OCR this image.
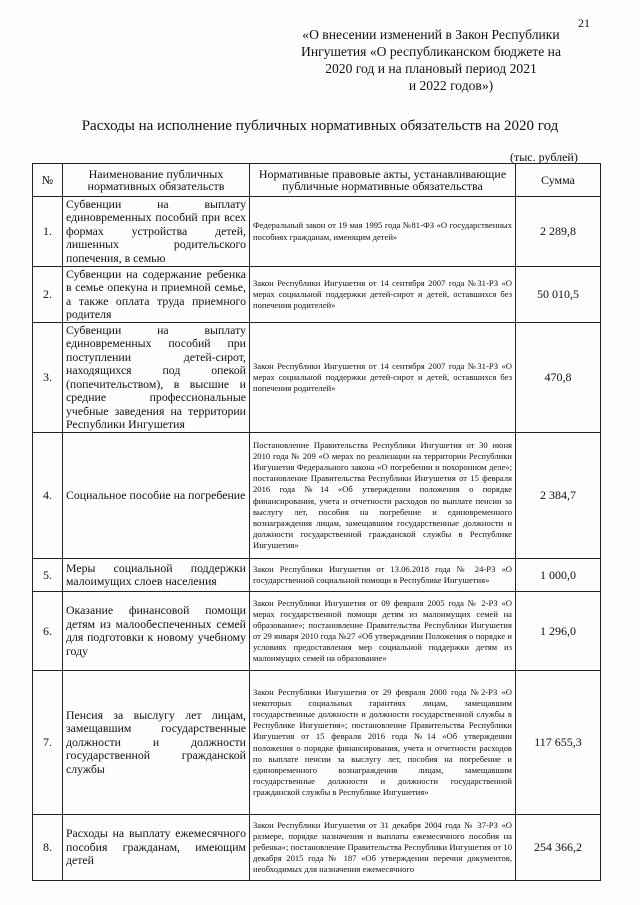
21
«О внесении изменений в Закон Республики
Ингушетия «О республиканском бюджете на
2020 год и на плановый период 2021
и 2022 годов»)
Расходы на исполнение публичных нормативных обязательств на 2020 год
(тыс. рублей)
№	Наименование публичных нормативных обязательств	Нормативные правовые акты, устанавливающие публичные нормативные обязательства	Сумма
1.	Субвенции на выплату единовременных пособий при всех формах устройства детей, лишенных родительского попечения, в семью	Федеральный закон от 19 мая 1995 года №81-ФЗ «О государственных пособиях гражданам, имеющим детей»	2 289,8
2.	Субвенции на содержание ребенка в семье опекуна и приемной семье, а также оплата труда приемного родителя	Закон Республики Ингушетия от 14 сентября 2007 года №31-РЗ «О мерах социальной поддержки детей-сирот и детей, оставшихся без попечения родителей»	50 010,5
3.	Субвенции на выплату единовременных пособий при поступлении детей-сирот, находящихся под опекой (попечительством), в высшие и средние профессиональные учебные заведения на территории Республики Ингушетия	Закон Республики Ингушетия от 14 сентября 2007 года №31-РЗ «О мерах социальной поддержки детей-сирот и детей, оставшихся без попечения родителей»	470,8
4.	Социальное пособие на погребение	Постановление Правительства Республики Ингушетия от 30 июня 2010 года № 209 «О мерах по реализации на территории Республики Ингушетия Федерального закона «О погребении и похоронном деле»; постановление Правительства Республики Ингушетия от 15 февраля 2016 года №14 «Об утверждении положения о порядке финансирования, учета и отчетности расходов по выплате пенсии за выслугу лет, пособия на погребение и единовременного вознаграждения лицам, замещавшим государственные должности и должности государственной гражданской службы в Республике Ингушетия»	2 384,7
5.	Меры социальной поддержки малоимущих слоев населения	Закон Республики Ингушетия от 13.06.2018 года № 24-РЗ «О государственной социальной помощи в Республике Ингушетия»	1 000,0
6.	Оказание финансовой помощи детям из малообеспеченных семей для подготовки к новому учебному году	Закон Республики Ингушетия от 09 февраля 2005 года № 2-РЗ «О мерах государственной помощи детям из малоимущих семей на образование»; постановление Правительства Республики Ингушетия от 29 января 2010 года №27 «Об утверждении Положения о порядке и условиях предоставления мер социальной поддержки детям из малоимущих семей на образование»	1 296,0
7.	Пенсия за выслугу лет лицам, замещавшим государственные должности и должности государственной гражданской службы	Закон Республики Ингушетия от 29 февраля 2000 года №2-РЗ «О некоторых социальных гарантиях лицам, замещавшим государственные должности и должности государственной службы в Республике Ингушетия»; постановление Правительства Республики Ингушетия от 15 февраля 2016 года №14 «Об утверждении положения о порядке финансирования, учета и отчетности расходов по выплате пенсии за выслугу лет, пособия на погребение и единовременного вознаграждения лицам, замещавшим государственные должности и должности государственной гражданской службы в Республике Ингушетия»	117 655,3
8.	Расходы на выплату ежемесячного пособия гражданам, имеющим детей	Закон Республики Ингушетия от 31 декабря 2004 года № 37-РЗ «О размере, порядке назначения и выплаты ежемесячного пособия на ребенка»; постановление Правительства Республики Ингушетия от 10 декабря 2015 года № 187 «Об утверждении перечня документов, необходимых для назначения ежемесячного	254 366,2
